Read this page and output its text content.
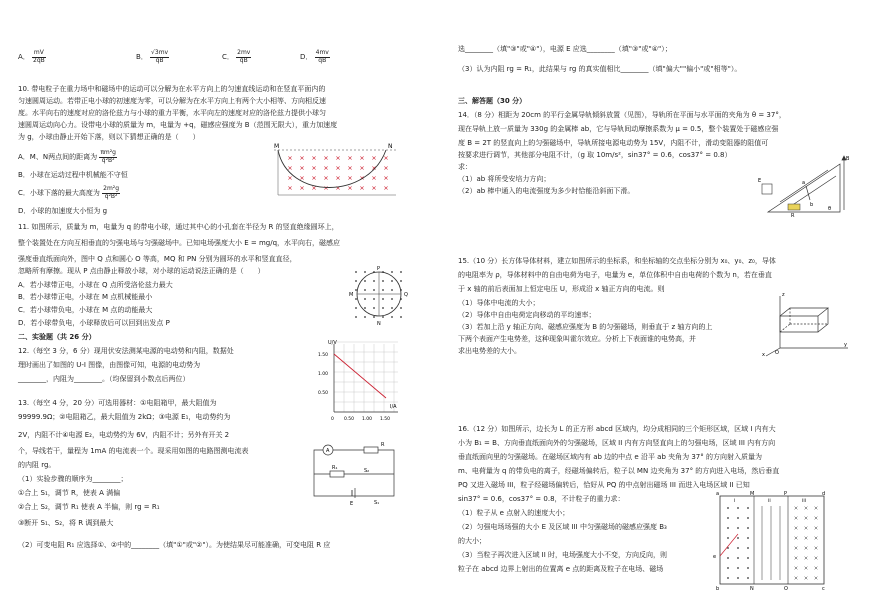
A． $\frac{mV}{2qB}$	B． $\frac{√3mv}{qB}$	C． $\frac{2mv}{qB}$	D． $\frac{4mv}{qB}$
10. 带电粒子在重力场中和磁场中的运动可以分解为在水平方向上的匀速直线运动和在竖直平面内的
匀速圆周运动。若带正电小球的初速度为零，可以分解为在水平方向上有两个大小相等、方向相反速
度。水平向右的速度对应的洛伦兹力与小球的重力平衡，水平向左的速度对应的洛伦兹力提供小球匀
速圆周运动向心力。设带电小球的质量为 m，电量为 +q，磁感应强度为 B（范围无限大），重力加速度
为 g，小球由静止开始下落，则以下猜想正确的是（　　）
A．M、N两点间的距离为 $\frac{\text{πm²g}}{\text{q²B²}}$
B．小球在运动过程中机械能不守恒
C．小球下落的最大高度为 $\frac{\text{2m²g}}{\text{q²B²}}$
D．小球的加速度大小恒为 g
M	N
11. 如图所示，质量为 m，电量为 q 的带电小球，通过其中心的小孔套在半径为 R 的竖直绝缘圆环上，
整个装置处在方向互相垂直的匀强电场与匀强磁场中。已知电场强度大小 E = mg/q，水平向右，磁感应
强度垂直纸面向外，图中 Q 点和圆心 O 等高，MQ 和 PN 分别为圆环的水平和竖直直径，
忽略所有摩擦。现从 P 点由静止释放小球，对小球的运动说法正确的是（　　）
A．若小球带正电，小球在 Q 点所受洛伦兹力最大
B．若小球带正电，小球在 M 点机械能最小
C．若小球带负电，小球在 M 点的动能最大
D．若小球带负电，小球释放后可以回到出发点 P
P
N
M	Q
二、实验题（共 26 分）
12.（每空 3 分，6 分）现用伏安法测某电源的电动势和内阻，数据处
理时画出了如图的 U-I 图像，由图像可知，电源的电动势为
________，内阻为________。（均保留到小数点后两位）
U/V
I/A
1.50
1.00
0.50
0 0.50 1.00 1.50
13.（每空 4 分，20 分）可选用器材：①电阻箱甲，最大阻值为
99999.9Ω；②电阻箱乙，最大阻值为 2kΩ；③电源 E₁，电动势约为
2V，内阻不计④电源 E₂，电动势约为 6V，内阻不计；另外有开关 2
个，导线若干，量程为 1mA 的电流表一个。现采用如图的电路图测电流表
的内阻 rg。
（1）实验步骤的顺序为________；
①合上 S₁，调节 R，使表 A 满偏
②合上 S₂，调节 R₁ 使表 A 半偏，则 rg = R₁
③断开 S₁、S₂，将 R 调到最大
（2）可变电阻 R₁ 应选择①、②中的________（填"①"或"②"）。为使结果尽可能准确，可变电阻 R 应
A
R₁	S₂
R
E	S₁
选________（填"③"或"④"），电源 E 应选________（填"③"或"④"）；
（3）认为内阻 rg = R₁，此结果与 rg 的真实值相比________（填"偏大""偏小"或"相等"）。
三、解答题（30 分）
14．（8 分）相距为 20cm 的平行金属导轨倾斜放置（见图），导轨所在平面与水平面的夹角为 θ = 37°，
现在导轨上放一质量为 330g 的金属棒 ab，它与导轨间动摩擦系数为 μ = 0.5，整个装置处于磁感应强
度 B = 2T 的竖直向上的匀强磁场中，导轨所接电源电动势为 15V，内阻不计，滑动变阻器的阻值可
按要求进行调节，其他部分电阻不计，（g 取 10m/s²，sin37° = 0.6，cos37° = 0.8）
求：
（1）ab 将所受安培力方向；
（2）ab 棒中通入的电流强度为多少时恰能沿斜面下滑。
B
a
b
E
R
θ
15.（10 分）长方体导体材料，建立如图所示的坐标系，和坐标轴的交点坐标分别为 x₀、y₀、z₀，导体
的电阻率为 ρ，导体材料中的自由电荷为电子，电量为 e，单位体积中自由电荷的个数为 n，若在垂直
于 x 轴的前后表面加上恒定电压 U，形成沿 x 轴正方向的电流。则
（1）导体中电流的大小；
（2）导体中自由电荷定向移动的平均速率；
（3）若加上沿 y 轴正方向、磁感应强度为 B 的匀强磁场，则垂直于 z 轴方向的上
下两个表面产生电势差，这种现象叫霍尔效应。分析上下表面谁的电势高，并
求出电势差的大小。
z
y
x O
16.（12 分）如图所示，边长为 L 的正方形 abcd 区域内，均分成相同的三个矩形区域，区域 I 内有大
小为 B₁ = B、方向垂直纸面向外的匀强磁场，区域 II 内有方向竖直向上的匀强电场，区域 III 内有方向
垂直纸面向里的匀强磁场。在磁场区域内有 ab 边的中点 e 沿平 ab 夹角为 37° 的方向射入质量为
m、电荷量为 q 的带负电的离子，经磁场偏转后，粒子以 MN 边夹角为 37° 的方向进入电场，然后垂直
PQ 又进入磁场 III，粒子经磁场偏转后，恰好从 PQ 的中点射出磁场 III 而进入电场区域 II 已知
sin37° = 0.6，cos37° = 0.8，不计粒子的重力求：
（1）粒子从 e 点射入的速度大小；
（2）匀强电场场强的大小 E 及区域 III 中匀强磁场的磁感应强度 B₃
的大小；
（3）当粒子再次进入区域 II 时，电场强度大小不变，方向反向，则
粒子在 abcd 边界上射出的位置离 e 点的距离及粒子在电场、磁场
a	M	P	d
b	N	Q	c
e
I	II	III
